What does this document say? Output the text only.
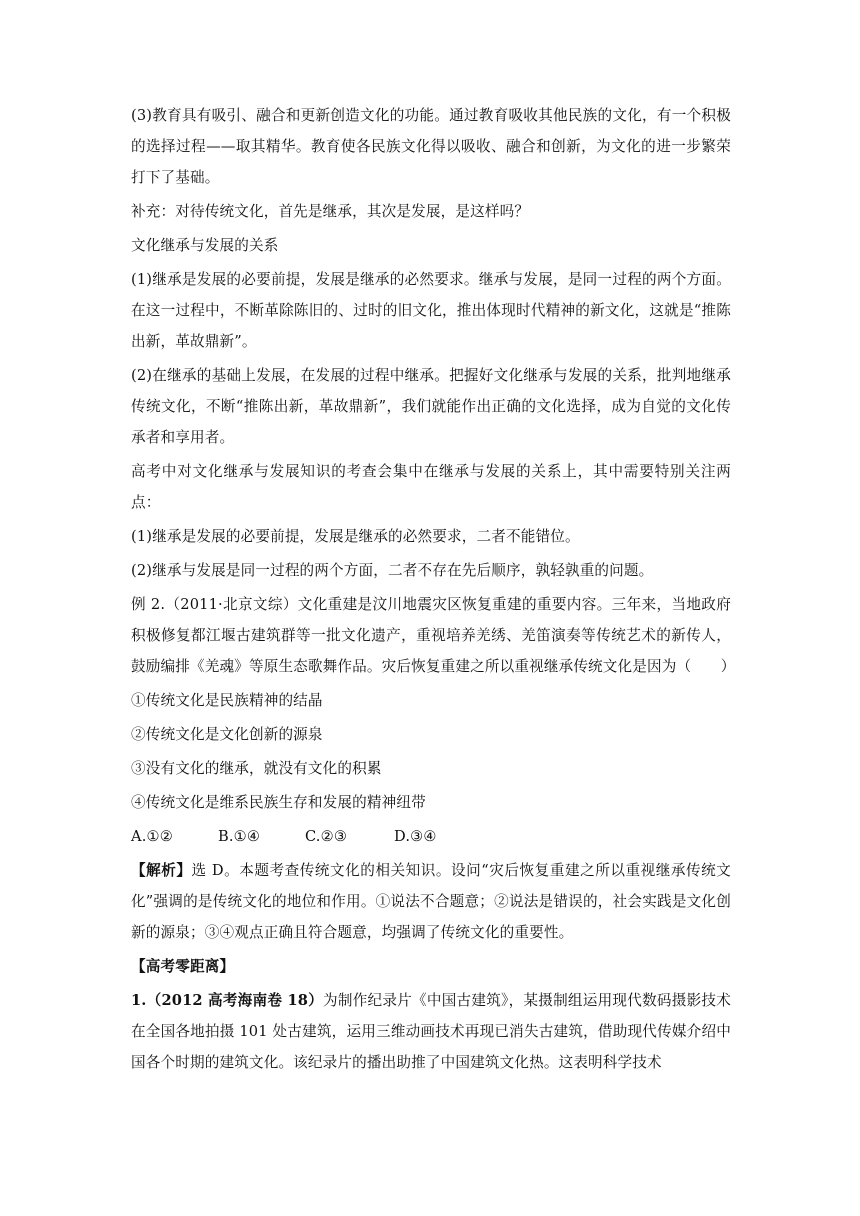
(3)教育具有吸引、融合和更新创造文化的功能。通过教育吸收其他民族的文化，有一个积极的选择过程——取其精华。教育使各民族文化得以吸收、融合和创新，为文化的进一步繁荣打下了基础。

补充：对待传统文化，首先是继承，其次是发展，是这样吗？

文化继承与发展的关系

(1)继承是发展的必要前提，发展是继承的必然要求。继承与发展，是同一过程的两个方面。在这一过程中，不断革除陈旧的、过时的旧文化，推出体现时代精神的新文化，这就是“推陈出新，革故鼎新”。

(2)在继承的基础上发展，在发展的过程中继承。把握好文化继承与发展的关系，批判地继承传统文化，不断“推陈出新，革故鼎新”，我们就能作出正确的文化选择，成为自觉的文化传承者和享用者。

高考中对文化继承与发展知识的考查会集中在继承与发展的关系上，其中需要特别关注两点：

(1)继承是发展的必要前提，发展是继承的必然要求，二者不能错位。

(2)继承与发展是同一过程的两个方面，二者不存在先后顺序，孰轻孰重的问题。

例 2.（2011·北京文综）文化重建是汶川地震灾区恢复重建的重要内容。三年来，当地政府积极修复都江堰古建筑群等一批文化遗产，重视培养羌绣、羌笛演奏等传统艺术的新传人，鼓励编排《羌魂》等原生态歌舞作品。灾后恢复重建之所以重视继承传统文化是因为（　　）

①传统文化是民族精神的结晶

②传统文化是文化创新的源泉

③没有文化的继承，就没有文化的积累

④传统文化是维系民族生存和发展的精神纽带

A.①②	B.①④	C.②③	D.③④

【解析】选 D。本题考查传统文化的相关知识。设问“灾后恢复重建之所以重视继承传统文化”强调的是传统文化的地位和作用。①说法不合题意；②说法是错误的，社会实践是文化创新的源泉；③④观点正确且符合题意，均强调了传统文化的重要性。

【高考零距离】

1.（2012 高考海南卷 18）为制作纪录片《中国古建筑》，某摄制组运用现代数码摄影技术在全国各地拍摄 101 处古建筑，运用三维动画技术再现已消失古建筑，借助现代传媒介绍中国各个时期的建筑文化。该纪录片的播出助推了中国建筑文化热。这表明科学技术
